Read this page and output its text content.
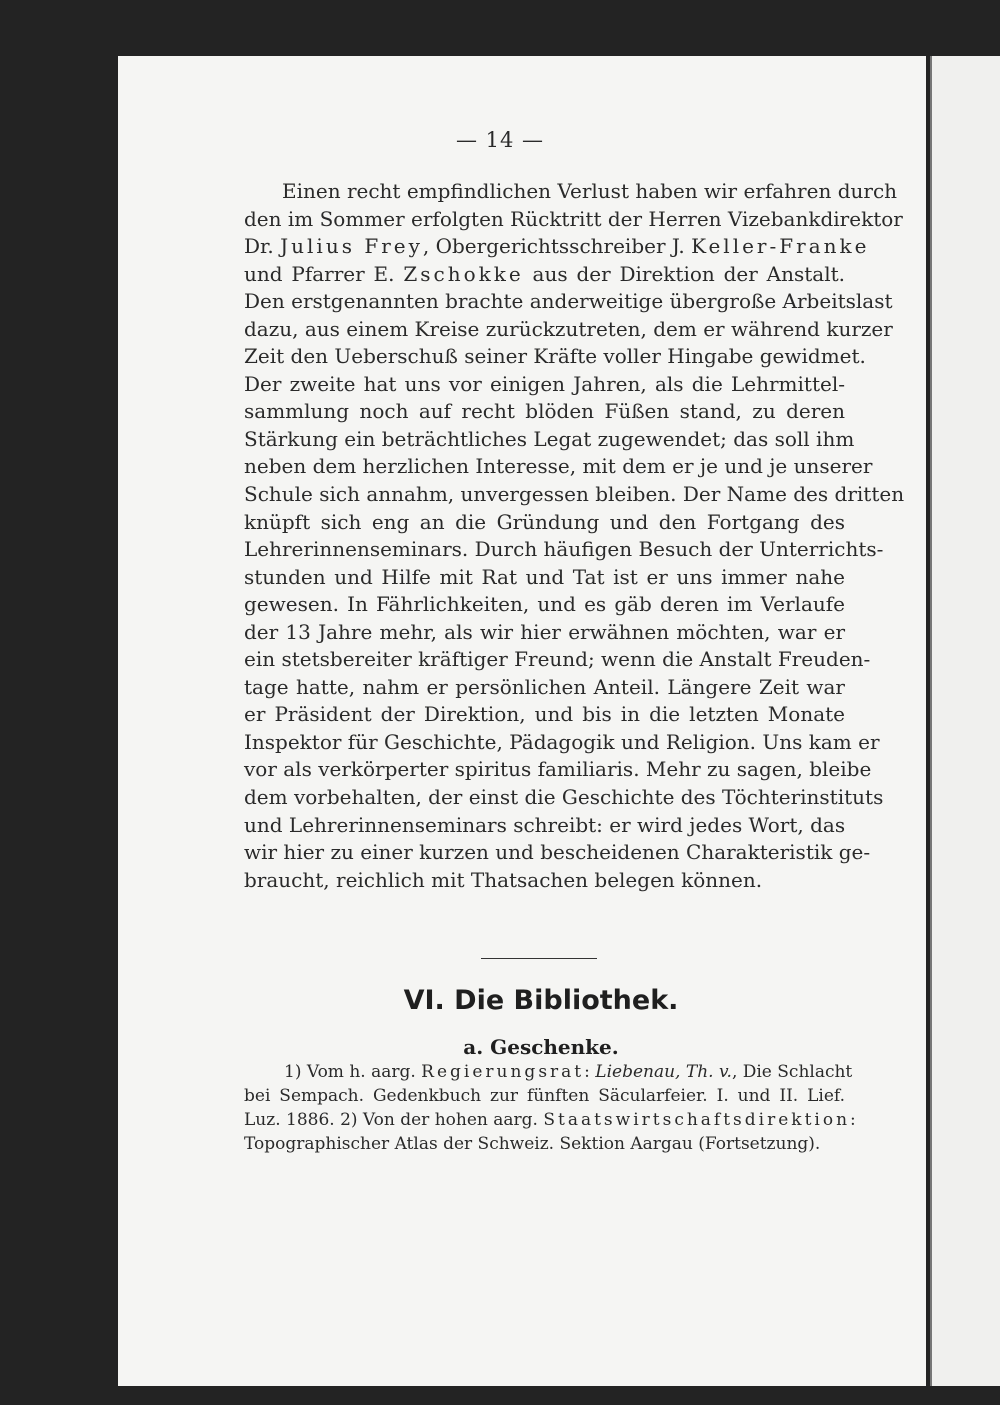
— 14 —
Einen recht empfindlichen Verlust haben wir erfahren durch
den im Sommer erfolgten Rücktritt der Herren Vizebankdirektor
Dr. Julius Frey, Obergerichtsschreiber J. Keller-Franke
und Pfarrer E. Zschokke aus der Direktion der Anstalt.
Den erstgenannten brachte anderweitige übergroße Arbeitslast
dazu, aus einem Kreise zurückzutreten, dem er während kurzer
Zeit den Ueberschuß seiner Kräfte voller Hingabe gewidmet.
Der zweite hat uns vor einigen Jahren, als die Lehrmittel-
sammlung noch auf recht blöden Füßen stand, zu deren
Stärkung ein beträchtliches Legat zugewendet; das soll ihm
neben dem herzlichen Interesse, mit dem er je und je unserer
Schule sich annahm, unvergessen bleiben. Der Name des dritten
knüpft sich eng an die Gründung und den Fortgang des
Lehrerinnenseminars. Durch häufigen Besuch der Unterrichts-
stunden und Hilfe mit Rat und Tat ist er uns immer nahe
gewesen. In Fährlichkeiten, und es gäb deren im Verlaufe
der 13 Jahre mehr, als wir hier erwähnen möchten, war er
ein stetsbereiter kräftiger Freund; wenn die Anstalt Freuden-
tage hatte, nahm er persönlichen Anteil. Längere Zeit war
er Präsident der Direktion, und bis in die letzten Monate
Inspektor für Geschichte, Pädagogik und Religion. Uns kam er
vor als verkörperter spiritus familiaris. Mehr zu sagen, bleibe
dem vorbehalten, der einst die Geschichte des Töchterinstituts
und Lehrerinnenseminars schreibt: er wird jedes Wort, das
wir hier zu einer kurzen und bescheidenen Charakteristik ge-
braucht, reichlich mit Thatsachen belegen können.
VI. Die Bibliothek.
a. Geschenke.
1) Vom h. aarg. Regierungsrat: Liebenau, Th. v., Die Schlacht
bei Sempach. Gedenkbuch zur fünften Säcularfeier. I. und II. Lief.
Luz. 1886. 2) Von der hohen aarg. Staatswirtschaftsdirektion:
Topographischer Atlas der Schweiz. Sektion Aargau (Fortsetzung).
